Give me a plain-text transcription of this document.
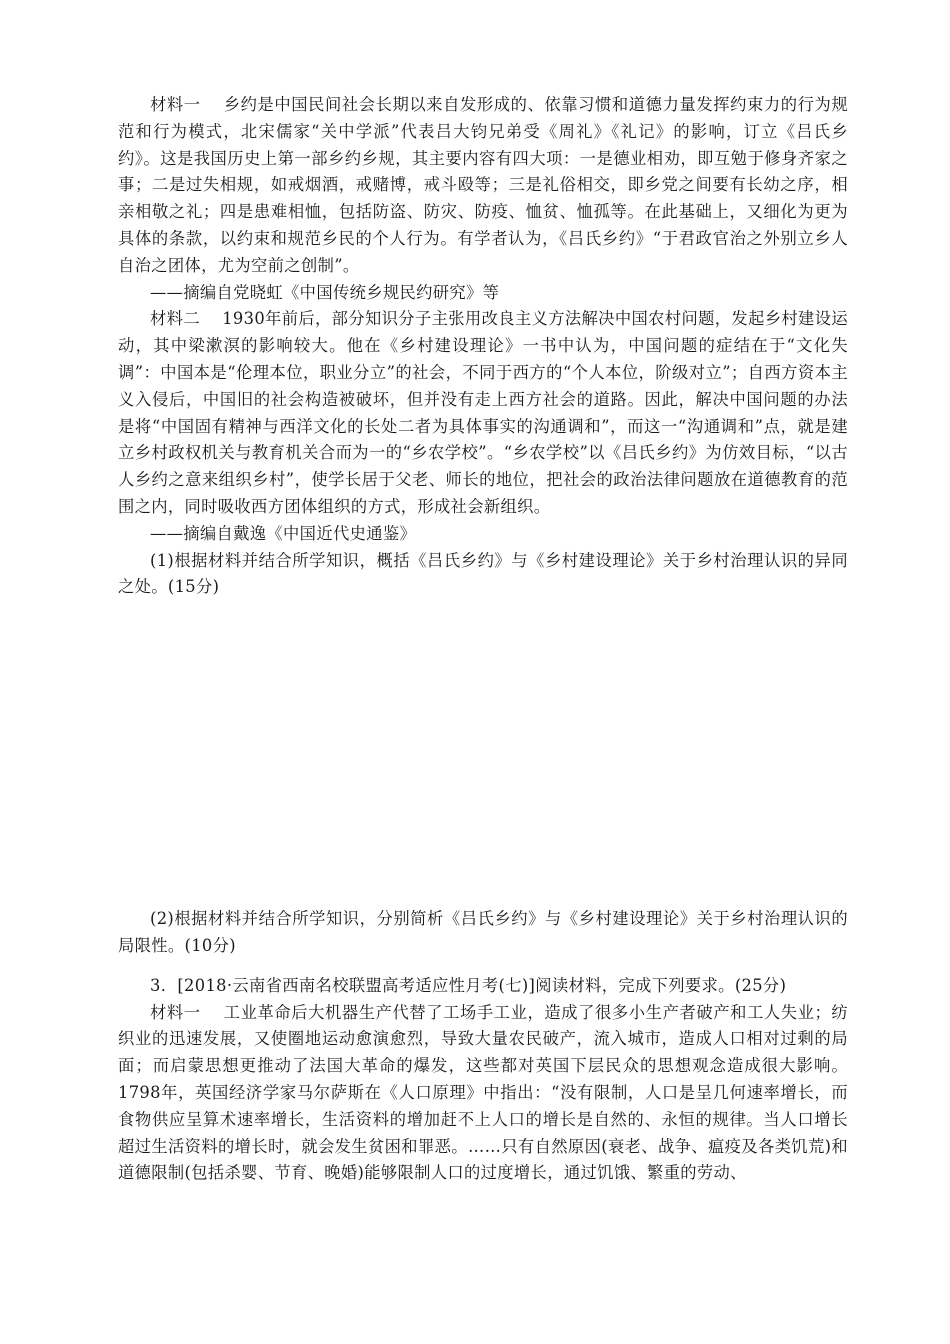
材料一 乡约是中国民间社会长期以来自发形成的、依靠习惯和道德力量发挥约束力的行为规范和行为模式，北宋儒家“关中学派”代表吕大钧兄弟受《周礼》《礼记》的影响，订立《吕氏乡约》。这是我国历史上第一部乡约乡规，其主要内容有四大项：一是德业相劝，即互勉于修身齐家之事；二是过失相规，如戒烟酒，戒赌博，戒斗殴等；三是礼俗相交，即乡党之间要有长幼之序，相亲相敬之礼；四是患难相恤，包括防盗、防灾、防疫、恤贫、恤孤等。在此基础上，又细化为更为具体的条款，以约束和规范乡民的个人行为。有学者认为，《吕氏乡约》“于君政官治之外别立乡人自治之团体，尤为空前之创制”。

——摘编自党晓虹《中国传统乡规民约研究》等

材料二 1930年前后，部分知识分子主张用改良主义方法解决中国农村问题，发起乡村建设运动，其中梁漱溟的影响较大。他在《乡村建设理论》一书中认为，中国问题的症结在于“文化失调”：中国本是“伦理本位，职业分立”的社会，不同于西方的“个人本位，阶级对立”；自西方资本主义入侵后，中国旧的社会构造被破坏，但并没有走上西方社会的道路。因此，解决中国问题的办法是将“中国固有精神与西洋文化的长处二者为具体事实的沟通调和”，而这一“沟通调和”点，就是建立乡村政权机关与教育机关合而为一的“乡农学校”。“乡农学校”以《吕氏乡约》为仿效目标，“以古人乡约之意来组织乡村”，使学长居于父老、师长的地位，把社会的政治法律问题放在道德教育的范围之内，同时吸收西方团体组织的方式，形成社会新组织。

——摘编自戴逸《中国近代史通鉴》

(1)根据材料并结合所学知识，概括《吕氏乡约》与《乡村建设理论》关于乡村治理认识的异同之处。(15分)

(2)根据材料并结合所学知识，分别简析《吕氏乡约》与《乡村建设理论》关于乡村治理认识的局限性。(10分)

3．[2018·云南省西南名校联盟高考适应性月考(七)]阅读材料，完成下列要求。(25分)

材料一 工业革命后大机器生产代替了工场手工业，造成了很多小生产者破产和工人失业；纺织业的迅速发展，又使圈地运动愈演愈烈，导致大量农民破产，流入城市，造成人口相对过剩的局面；而启蒙思想更推动了法国大革命的爆发，这些都对英国下层民众的思想观念造成很大影响。1798年，英国经济学家马尔萨斯在《人口原理》中指出：“没有限制，人口是呈几何速率增长，而食物供应呈算术速率增长，生活资料的增加赶不上人口的增长是自然的、永恒的规律。当人口增长超过生活资料的增长时，就会发生贫困和罪恶。……只有自然原因(衰老、战争、瘟疫及各类饥荒)和道德限制(包括杀婴、节育、晚婚)能够限制人口的过度增长，通过饥饿、繁重的劳动、
